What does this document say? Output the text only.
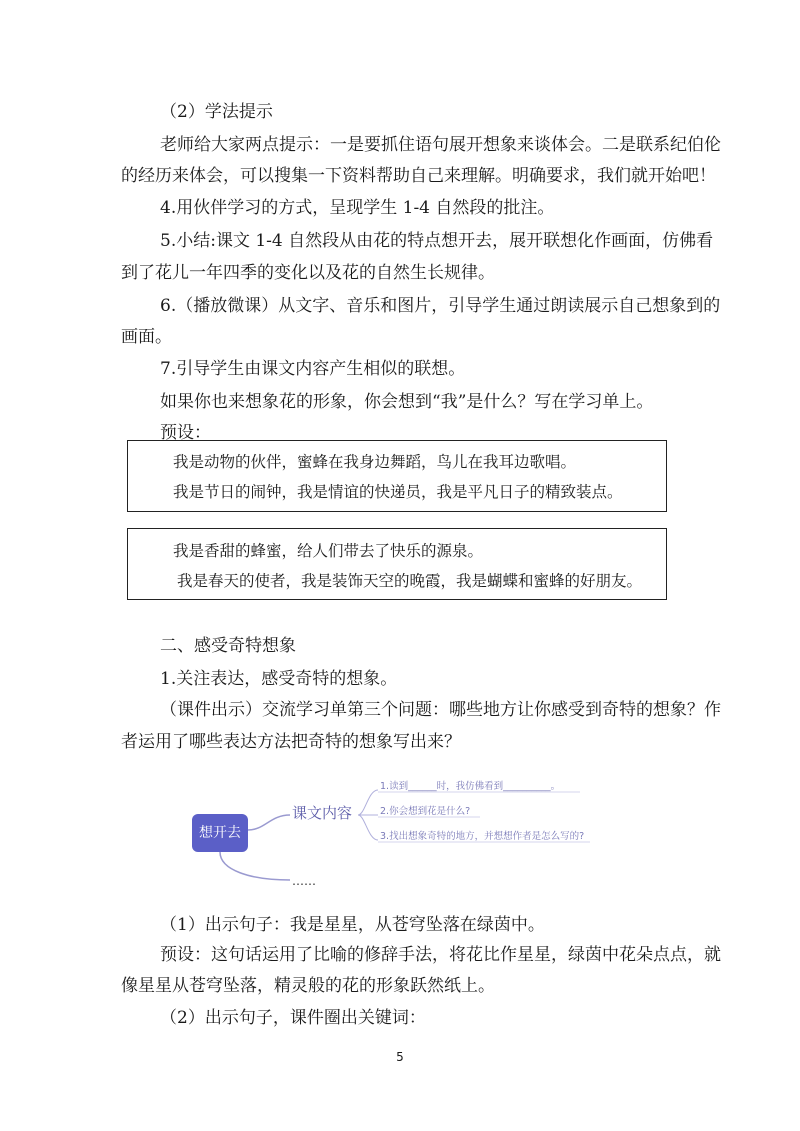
（2）学法提示
老师给大家两点提示：一是要抓住语句展开想象来谈体会。二是联系纪伯伦
的经历来体会，可以搜集一下资料帮助自己来理解。明确要求，我们就开始吧！
4.用伙伴学习的方式，呈现学生 1-4 自然段的批注。
5.小结:课文 1-4 自然段从由花的特点想开去，展开联想化作画面，仿佛看
到了花儿一年四季的变化以及花的自然生长规律。
6.（播放微课）从文字、音乐和图片，引导学生通过朗读展示自己想象到的
画面。
7.引导学生由课文内容产生相似的联想。
如果你也来想象花的形象，你会想到“我”是什么？写在学习单上。
预设：
我是动物的伙伴，蜜蜂在我身边舞蹈，鸟儿在我耳边歌唱。
我是节日的闹钟，我是情谊的快递员，我是平凡日子的精致装点。
我是香甜的蜂蜜，给人们带去了快乐的源泉。
我是春天的使者，我是装饰天空的晚霞，我是蝴蝶和蜜蜂的好朋友。
二、感受奇特想象
1.关注表达，感受奇特的想象。
（课件出示）交流学习单第三个问题：哪些地方让你感受到奇特的想象？作
者运用了哪些表达方法把奇特的想象写出来？
想开去
课文内容
1.读到______时，我仿佛看到__________。
2.你会想到花是什么?
3.找出想象奇特的地方，并想想作者是怎么写的?
……
（1）出示句子：我是星星，从苍穹坠落在绿茵中。
预设：这句话运用了比喻的修辞手法，将花比作星星，绿茵中花朵点点，就
像星星从苍穹坠落，精灵般的花的形象跃然纸上。
（2）出示句子，课件圈出关键词：
5
